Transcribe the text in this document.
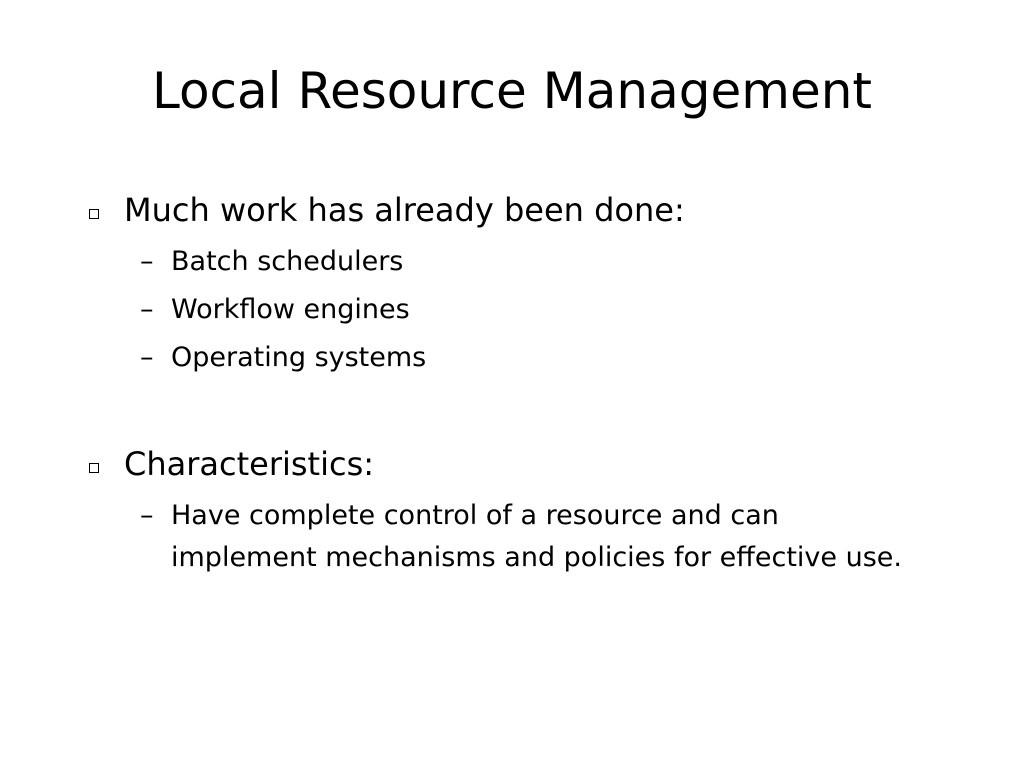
Local Resource Management
Much work has already been done:
– Batch schedulers
– Workflow engines
– Operating systems
Characteristics:
– Have complete control of a resource and can implement mechanisms and policies for effective use.
